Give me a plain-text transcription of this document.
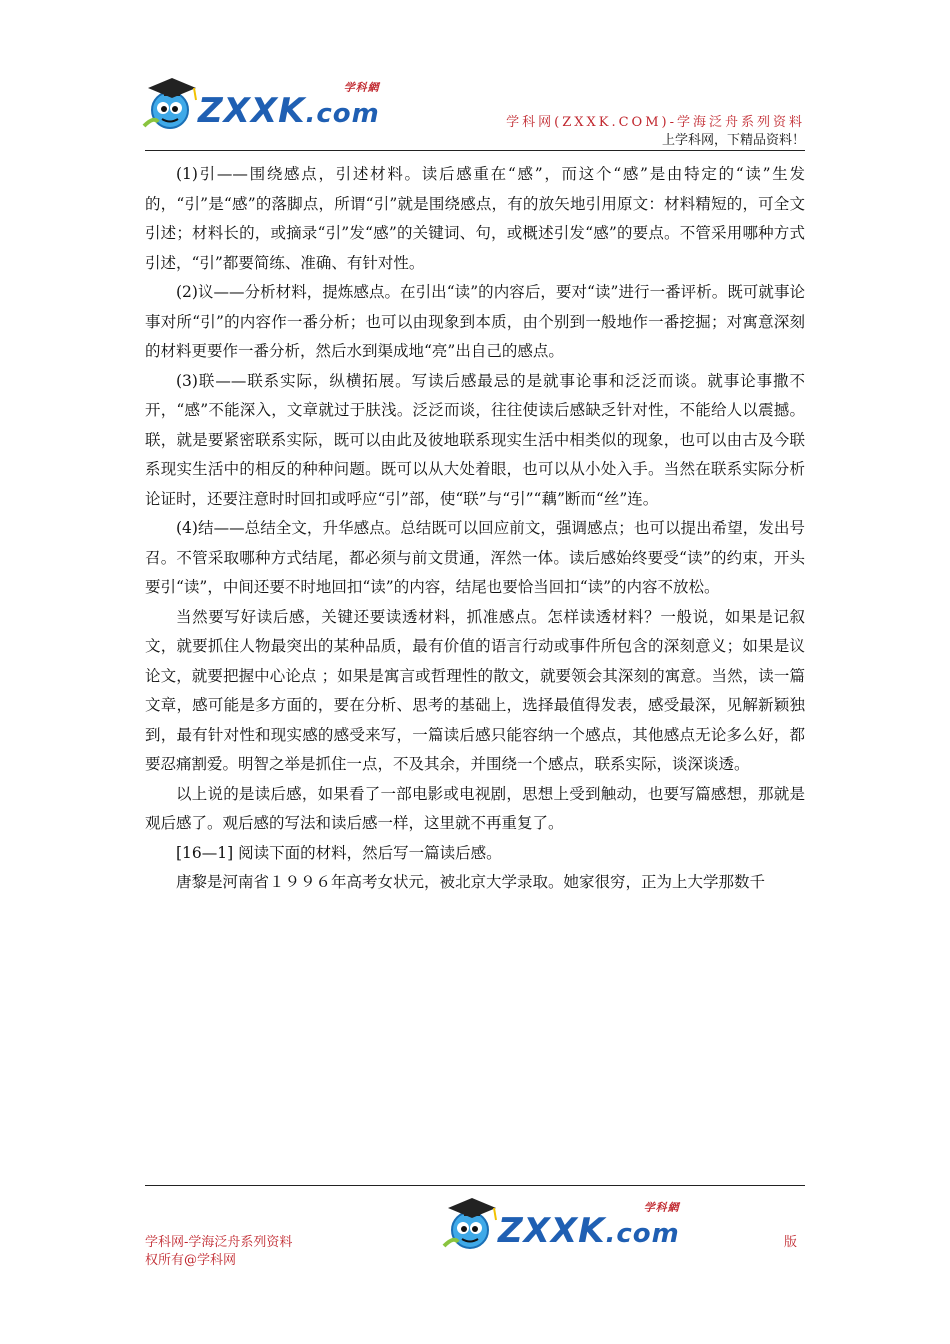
学科網
ZXXK.com	学科网(ZXXK.COM)-学海泛舟系列资料
上学科网，下精品资料！

(1)引——围绕感点，引述材料。读后感重在“感”，而这个“感”是由特定的“读”生发的，“引”是“感”的落脚点，所谓“引”就是围绕感点，有的放矢地引用原文：材料精短的，可全文引述；材料长的，或摘录“引”发“感”的关键词、句，或概述引发“感”的要点。不管采用哪种方式引述，“引”都要简练、准确、有针对性。

(2)议——分析材料，提炼感点。在引出“读”的内容后，要对“读”进行一番评析。既可就事论事对所“引”的内容作一番分析；也可以由现象到本质，由个别到一般地作一番挖掘；对寓意深刻的材料更要作一番分析，然后水到渠成地“亮”出自己的感点。

(3)联——联系实际，纵横拓展。写读后感最忌的是就事论事和泛泛而谈。就事论事撒不开，“感”不能深入，文章就过于肤浅。泛泛而谈，往往使读后感缺乏针对性，不能给人以震撼。联，就是要紧密联系实际，既可以由此及彼地联系现实生活中相类似的现象，也可以由古及今联系现实生活中的相反的种种问题。既可以从大处着眼，也可以从小处入手。当然在联系实际分析论证时，还要注意时时回扣或呼应“引”部，使“联”与“引”“藕”断而“丝”连。

(4)结——总结全文，升华感点。总结既可以回应前文，强调感点；也可以提出希望，发出号召。不管采取哪种方式结尾，都必须与前文贯通，浑然一体。读后感始终要受“读”的约束，开头要引“读”，中间还要不时地回扣“读”的内容，结尾也要恰当回扣“读”的内容不放松。

当然要写好读后感，关键还要读透材料，抓准感点。怎样读透材料？一般说，如果是记叙文，就要抓住人物最突出的某种品质，最有价值的语言行动或事件所包含的深刻意义；如果是议论文，就要把握中心论点 ；如果是寓言或哲理性的散文，就要领会其深刻的寓意。当然，读一篇文章，感可能是多方面的，要在分析、思考的基础上，选择最值得发表，感受最深，见解新颖独到，最有针对性和现实感的感受来写，一篇读后感只能容纳一个感点，其他感点无论多么好，都要忍痛割爱。明智之举是抓住一点，不及其余，并围绕一个感点，联系实际，谈深谈透。

以上说的是读后感，如果看了一部电影或电视剧，思想上受到触动，也要写篇感想，那就是观后感了。观后感的写法和读后感一样，这里就不再重复了。

[16—1] 阅读下面的材料，然后写一篇读后感。

唐黎是河南省１９９６年高考女状元，被北京大学录取。她家很穷，正为上大学那数千

学科網
ZXXK.com
学科网-学海泛舟系列资料
权所有@学科网
版
